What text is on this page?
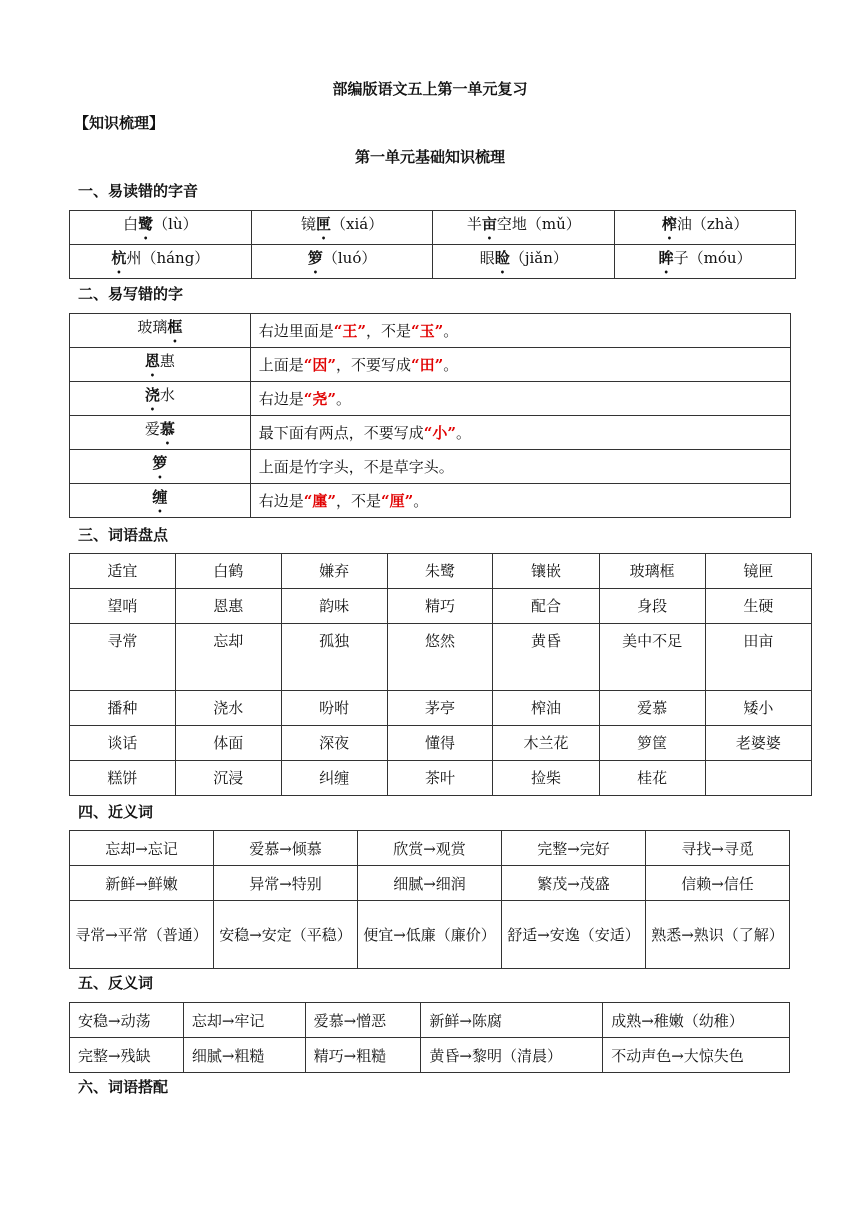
部编版语文五上第一单元复习
【知识梳理】
第一单元基础知识梳理
一、易读错的字音
白鹭（lù）	镜匣（xiá）	半亩空地（mǔ）	榨油（zhà）
杭州（háng）	箩（luó）	眼睑（jiǎn）	眸子（móu）
二、易写错的字
玻璃框	右边里面是“王”，不是“玉”。
恩惠	上面是“因”，不要写成“田”。
浇水	右边是“尧”。
爱慕	最下面有两点，不要写成“小”。
箩	上面是竹字头，不是草字头。
缠	右边是“廛”，不是“厘”。
三、词语盘点
适宜	白鹤	嫌弃	朱鹭	镶嵌	玻璃框	镜匣
望哨	恩惠	韵味	精巧	配合	身段	生硬
寻常	忘却	孤独	悠然	黄昏	美中不足	田亩
播种	浇水	吩咐	茅亭	榨油	爱慕	矮小
谈话	体面	深夜	懂得	木兰花	箩筐	老婆婆
糕饼	沉浸	纠缠	茶叶	捡柴	桂花	
四、近义词
忘却→忘记	爱慕→倾慕	欣赏→观赏	完整→完好	寻找→寻觅
新鲜→鲜嫩	异常→特别	细腻→细润	繁茂→茂盛	信赖→信任
寻常→平常（普通）	安稳→安定（平稳）	便宜→低廉（廉价）	舒适→安逸（安适）	熟悉→熟识（了解）
五、反义词
安稳→动荡	忘却→牢记	爱慕→憎恶	新鲜→陈腐	成熟→稚嫩（幼稚）
完整→残缺	细腻→粗糙	精巧→粗糙	黄昏→黎明（清晨）	不动声色→大惊失色
六、词语搭配
